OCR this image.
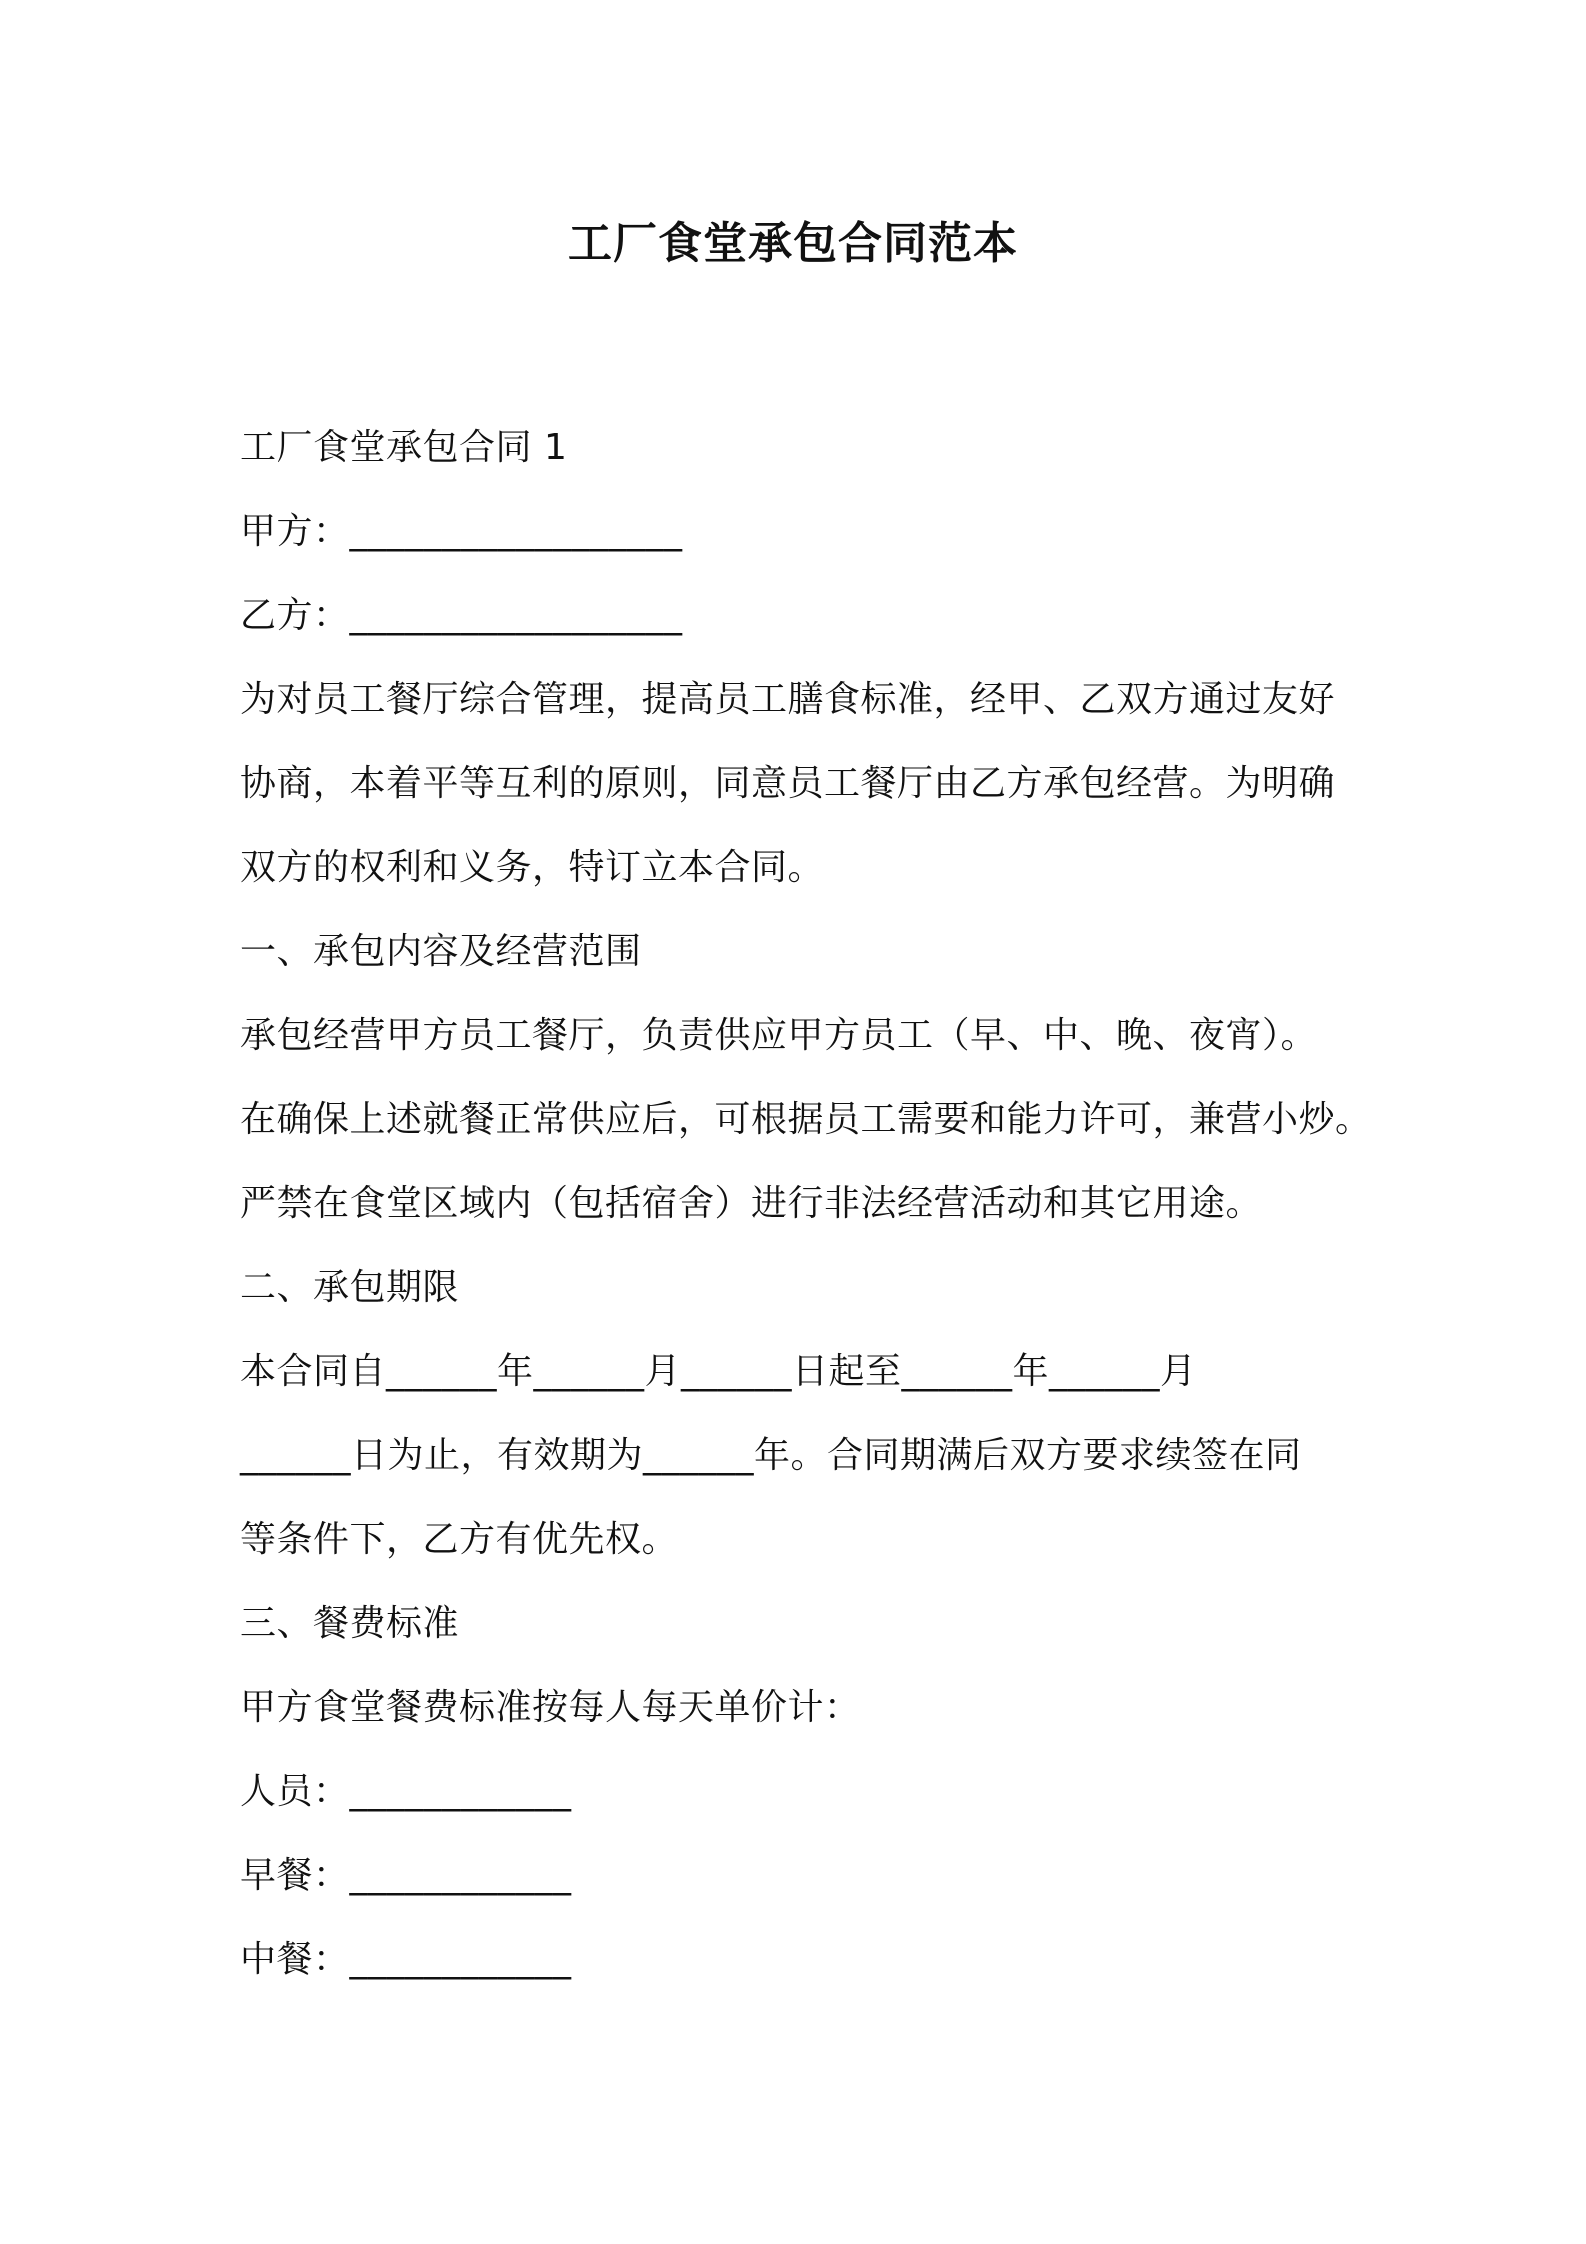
工厂食堂承包合同范本
工厂食堂承包合同 1
甲方：__________________
乙方：__________________
为对员工餐厅综合管理，提高员工膳食标准，经甲、乙双方通过友好
协商，本着平等互利的原则，同意员工餐厅由乙方承包经营。为明确
双方的权利和义务，特订立本合同。
一、承包内容及经营范围
承包经营甲方员工餐厅，负责供应甲方员工（早、中、晚、夜宵）。
在确保上述就餐正常供应后，可根据员工需要和能力许可，兼营小炒。
严禁在食堂区域内（包括宿舍）进行非法经营活动和其它用途。
二、承包期限
本合同自______年______月______日起至______年______月
______日为止，有效期为______年。合同期满后双方要求续签在同
等条件下，乙方有优先权。
三、餐费标准
甲方食堂餐费标准按每人每天单价计：
人员：____________
早餐：____________
中餐：____________
